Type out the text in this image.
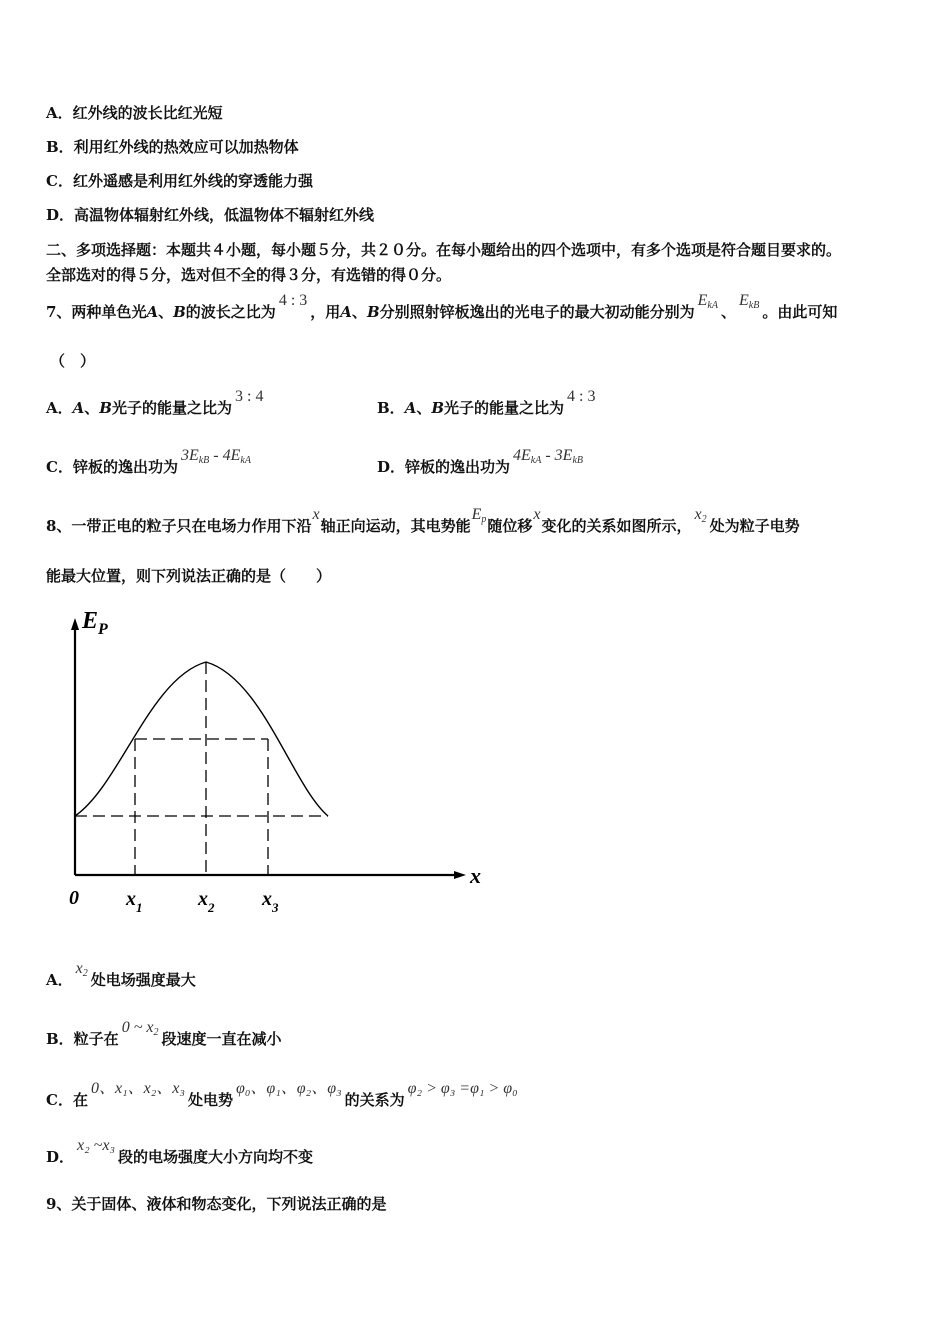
A．红外线的波长比红光短
B．利用红外线的热效应可以加热物体
C．红外遥感是利用红外线的穿透能力强
D．高温物体辐射红外线，低温物体不辐射红外线
二、多项选择题：本题共４小题，每小题５分，共２０分。在每小题给出的四个选项中，有多个选项是符合题目要求的。
全部选对的得５分，选对但不全的得３分，有选错的得０分。
7、两种单色光A、B的波长之比为4 : 3，用A、B分别照射锌板逸出的光电子的最大初动能分别为$E_{kA}$ 、$E_{kB}$ 。由此可知
（　）
A．A、B光子的能量之比为3 : 4
B．A、B光子的能量之比为4 : 3
C．锌板的逸出功为$3E_{kB} - 4E_{kA}$	D．锌板的逸出功为$4E_{kA} - 3E_{kB}$
8、一带正电的粒子只在电场力作用下沿x轴正向运动，其电势能$E_p$随位移x变化的关系如图所示，$x_2$ 处为粒子电势
能最大位置，则下列说法正确的是（　　）
$E_P$
x
0 $x_1$	$x_2$ $x_3$
A．$x_2$ 处电场强度最大
B．粒子在0 ~ $x_2$ 段速度一直在减小
C．在0、x₁、x₂、x₃处电势φ₀、φ₁、φ₂、φ₃的关系为φ₂ > φ₃ =φ₁ > φ₀
D．x₂ ~x₃段的电场强度大小方向均不变
9、关于固体、液体和物态变化，下列说法正确的是
